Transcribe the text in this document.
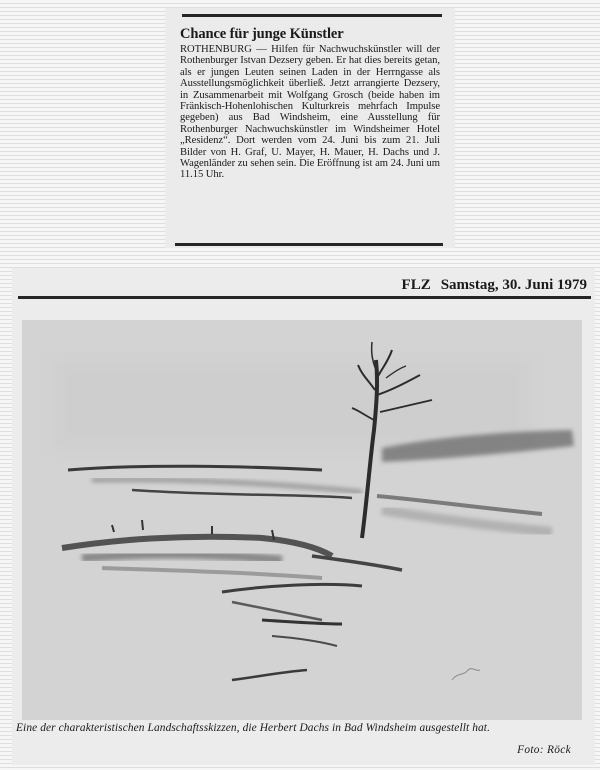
Chance für junge Künstler
ROTHENBURG — Hilfen für Nachwuchskünstler will der Rothenburger Istvan Dezsery geben. Er hat dies bereits getan, als er jungen Leuten seinen Laden in der Herrngasse als Ausstellungsmöglichkeit überließ. Jetzt arrangierte Dezsery, in Zusammenarbeit mit Wolfgang Grosch (beide haben im Fränkisch-Hohenlohischen Kulturkreis mehrfach Impulse gegeben) aus Bad Windsheim, eine Ausstellung für Rothenburger Nachwuchskünstler im Windsheimer Hotel „Residenz“. Dort werden vom 24. Juni bis zum 21. Juli Bilder von H. Graf, U. Mayer, H. Mauer, H. Dachs und J. Wagenländer zu sehen sein. Die Eröffnung ist am 24. Juni um 11.15 Uhr.
FLZ Samstag, 30. Juni 1979
Eine der charakteristischen Landschaftsskizzen, die Herbert Dachs in Bad Windsheim ausgestellt hat.
Foto: Röck
